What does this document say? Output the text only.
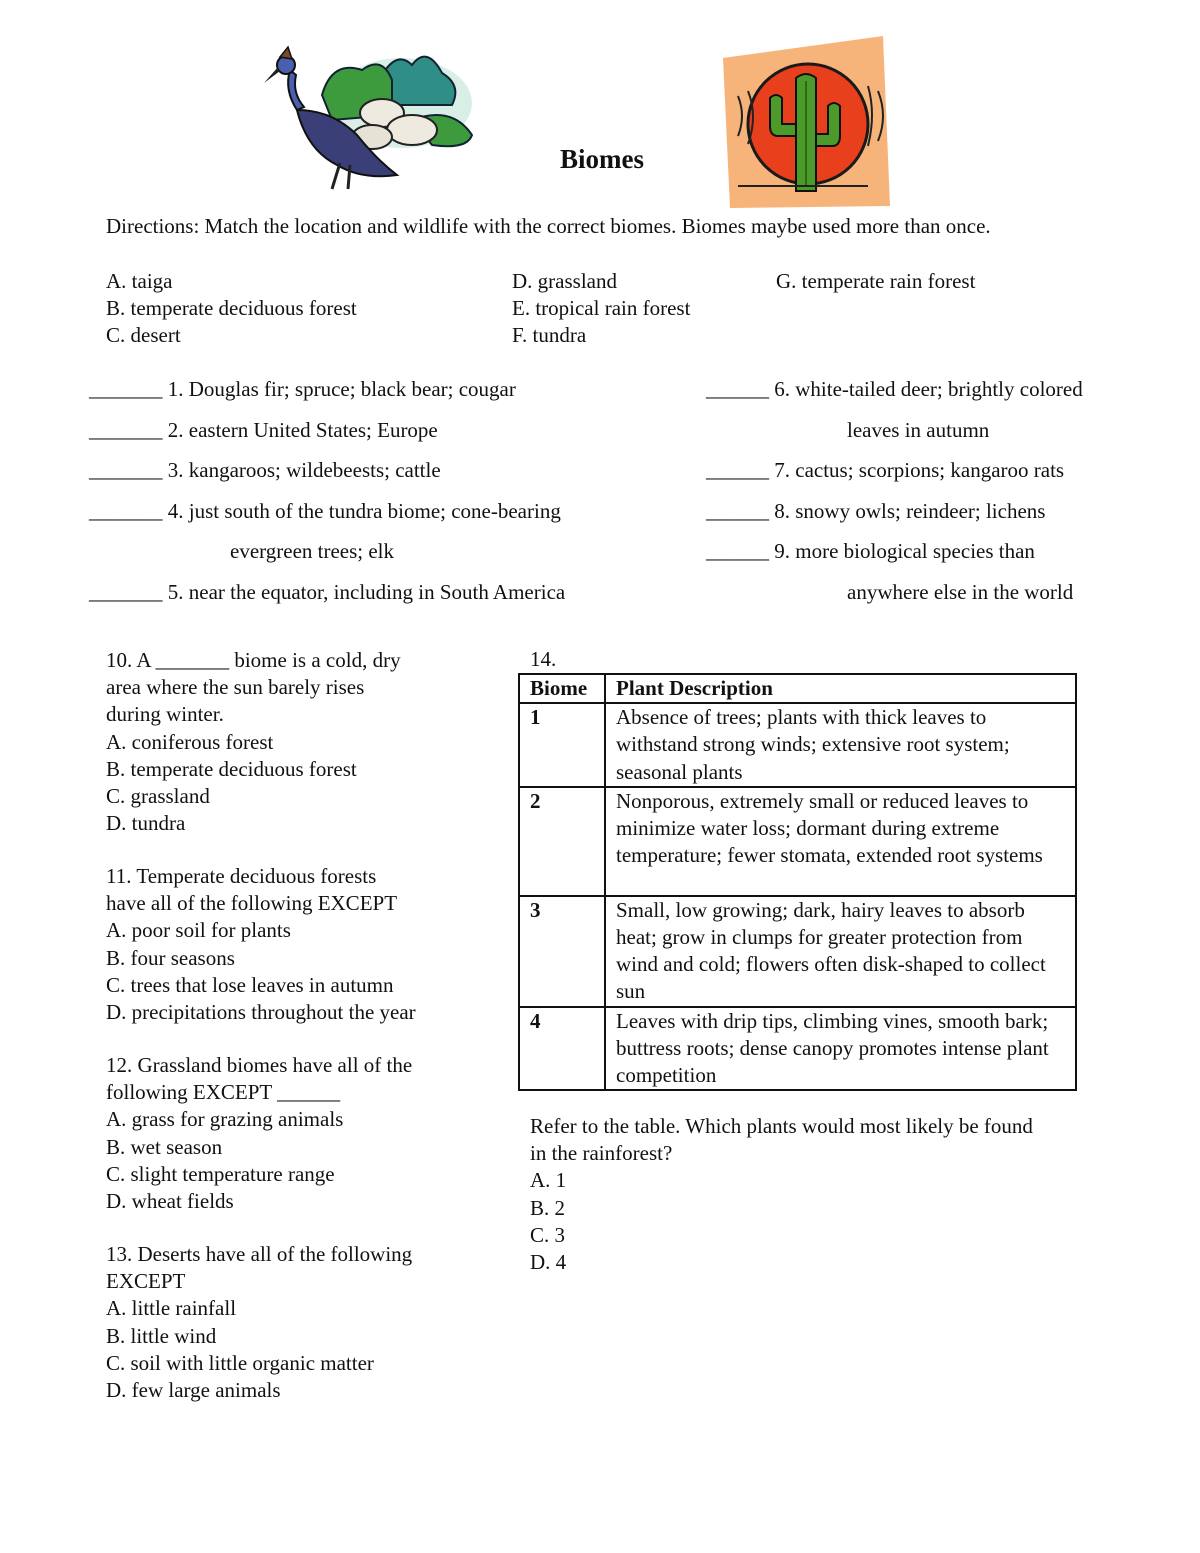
Biomes
Directions: Match the location and wildlife with the correct biomes. Biomes maybe used more than once.
A. taiga
B. temperate deciduous forest
C. desert
D. grassland
E. tropical rain forest
F. tundra
G. temperate rain forest
_______ 1. Douglas fir; spruce; black bear; cougar
_______ 2. eastern United States; Europe
_______ 3. kangaroos; wildebeests; cattle
_______ 4. just south of the tundra biome; cone-bearing
evergreen trees; elk
_______ 5. near the equator, including in South America
______ 6. white-tailed deer; brightly colored
leaves in autumn
______ 7. cactus; scorpions; kangaroo rats
______ 8. snowy owls; reindeer; lichens
______ 9. more biological species than
anywhere else in the world
10. A _______ biome is a cold, dry
area where the sun barely rises
during winter.
A. coniferous forest
B. temperate deciduous forest
C. grassland
D. tundra
11. Temperate deciduous forests
have all of the following EXCEPT
A. poor soil for plants
B. four seasons
C. trees that lose leaves in autumn
D. precipitations throughout the year
12. Grassland biomes have all of the
following EXCEPT ______
A. grass for grazing animals
B. wet season
C. slight temperature range
D. wheat fields
13. Deserts have all of the following
EXCEPT
A. little rainfall
B. little wind
C. soil with little organic matter
D. few large animals
14.
Biome	Plant Description
1	Absence of trees; plants with thick leaves to withstand strong winds; extensive root system; seasonal plants
2	Nonporous, extremely small or reduced leaves to minimize water loss; dormant during extreme temperature; fewer stomata, extended root systems
3	Small, low growing; dark, hairy leaves to absorb heat; grow in clumps for greater protection from wind and cold; flowers often disk-shaped to collect sun
4	Leaves with drip tips, climbing vines, smooth bark; buttress roots; dense canopy promotes intense plant competition
Refer to the table. Which plants would most likely be found
in the rainforest?
A. 1
B. 2
C. 3
D. 4
